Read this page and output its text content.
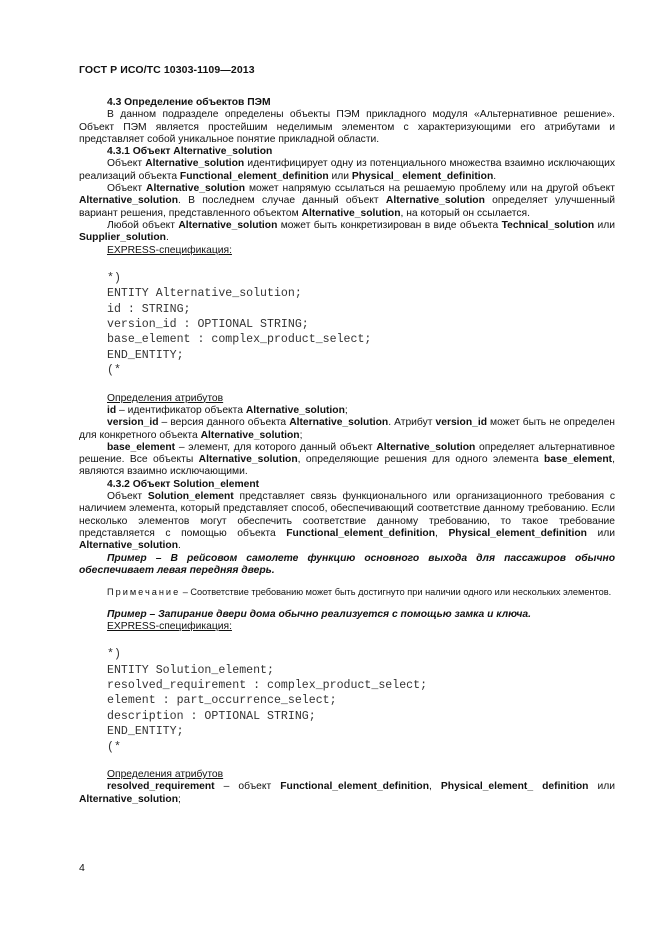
ГОСТ Р ИСО/ТС 10303-1109—2013

4.3 Определение объектов ПЭМ

В данном подразделе определены объекты ПЭМ прикладного модуля «Альтернативное решение». Объект ПЭМ является простейшим неделимым элементом с характеризующими его атрибутами и представляет собой уникальное понятие прикладной области.

4.3.1 Объект Alternative_solution

Объект Alternative_solution идентифицирует одну из потенциального множества взаимно исключающих реализаций объекта Functional_element_definition или Physical_ element_definition.

Объект Alternative_solution может напрямую ссылаться на решаемую проблему или на другой объект Alternative_solution. В последнем случае данный объект Alternative_solution определяет улучшенный вариант решения, представленного объектом Alternative_solution, на который он ссылается.

Любой объект Alternative_solution может быть конкретизирован в виде объекта Technical_solution или Supplier_solution.

EXPRESS-спецификация:

*)
ENTITY Alternative_solution;
id : STRING;
version_id : OPTIONAL STRING;
base_element : complex_product_select;
END_ENTITY;
(*

Определения атрибутов

id – идентификатор объекта Alternative_solution;

version_id – версия данного объекта Alternative_solution. Атрибут version_id может быть не определен для конкретного объекта Alternative_solution;

base_element – элемент, для которого данный объект Alternative_solution определяет альтернативное решение. Все объекты Alternative_solution, определяющие решения для одного элемента base_element, являются взаимно исключающими.

4.3.2 Объект Solution_element

Объект Solution_element представляет связь функционального или организационного требования с наличием элемента, который представляет способ, обеспечивающий соответствие данному требованию. Если несколько элементов могут обеспечить соответствие данному требованию, то такое требование представляется с помощью объекта Functional_element_definition, Physical_element_definition или Alternative_solution.

Пример – В рейсовом самолете функцию основного выхода для пассажиров обычно обеспечивает левая передняя дверь.

Примечание – Соответствие требованию может быть достигнуто при наличии одного или нескольких элементов.

Пример – Запирание двери дома обычно реализуется с помощью замка и ключа.

EXPRESS-спецификация:

*)
ENTITY Solution_element;
resolved_requirement : complex_product_select;
element : part_occurrence_select;
description : OPTIONAL STRING;
END_ENTITY;
(*

Определения атрибутов

resolved_requirement – объект Functional_element_definition, Physical_element_ definition или Alternative_solution;

4
